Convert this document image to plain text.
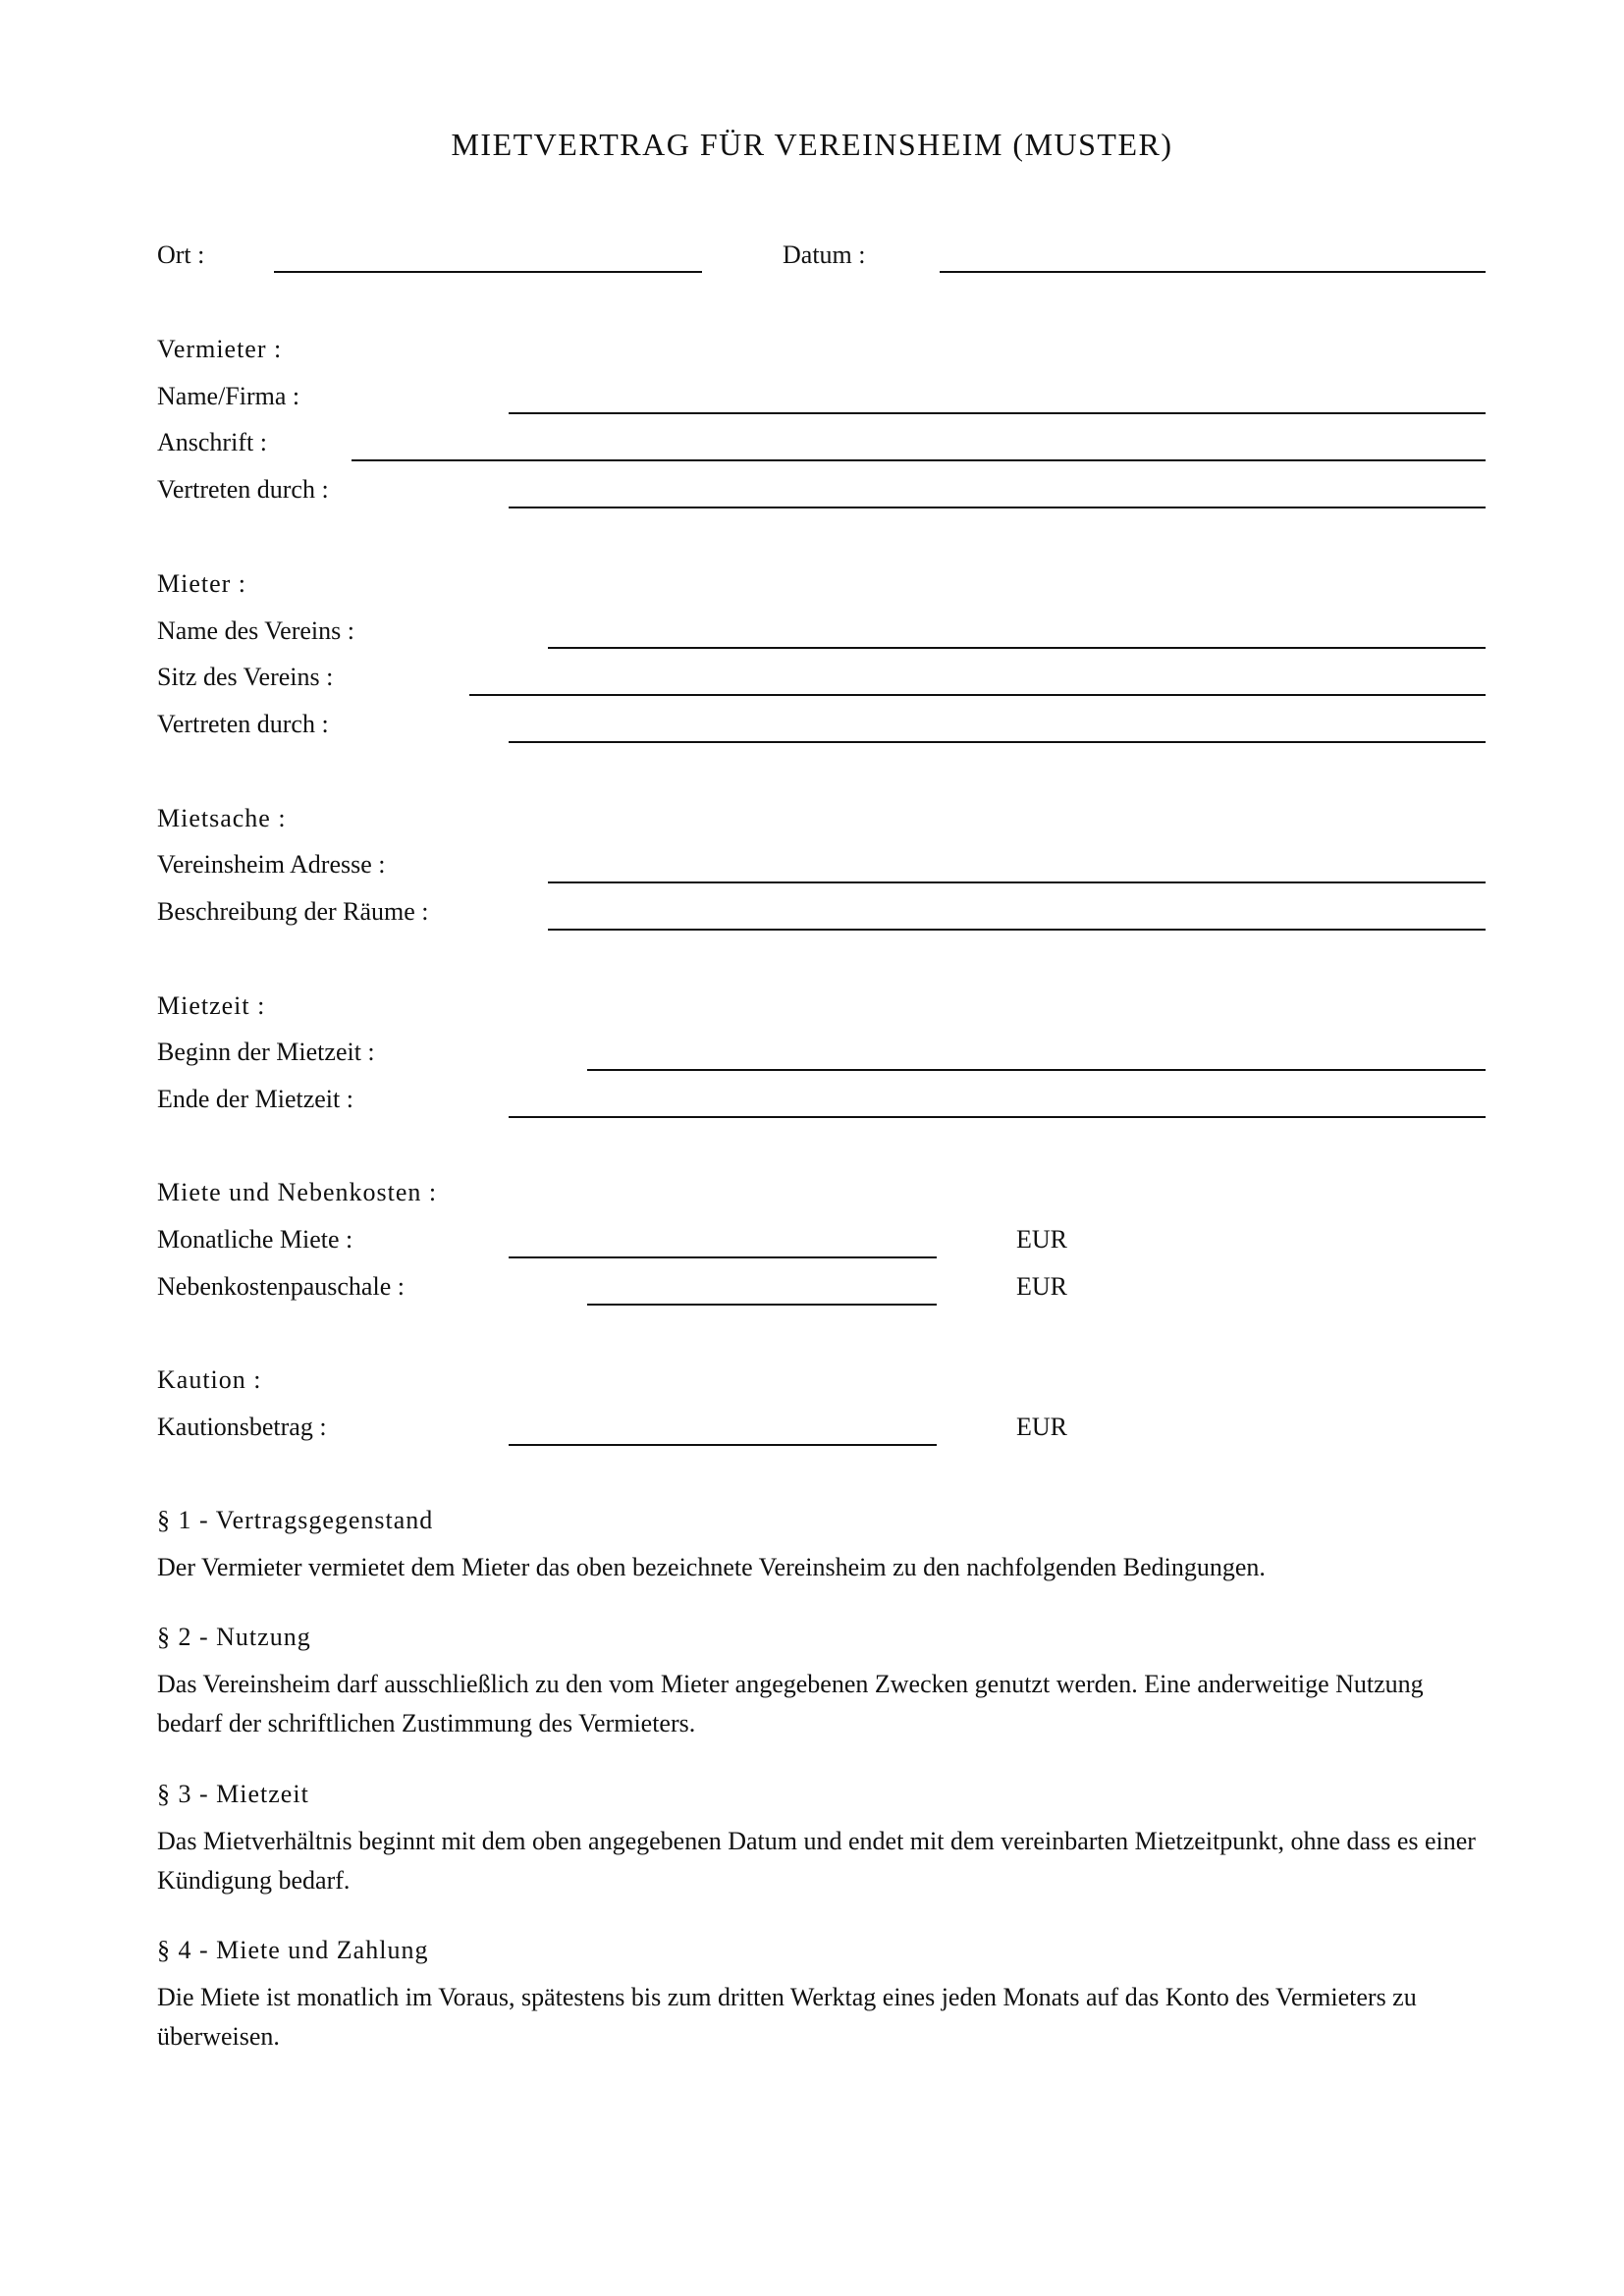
MIETVERTRAG FÜR VEREINSHEIM (MUSTER)

Ort :	Datum :

Vermieter :

Name/Firma :

Anschrift :

Vertreten durch :

Mieter :

Name des Vereins :

Sitz des Vereins :

Vertreten durch :

Mietsache :

Vereinsheim Adresse :

Beschreibung der Räume :

Mietzeit :

Beginn der Mietzeit :

Ende der Mietzeit :

Miete und Nebenkosten :

Monatliche Miete :	EUR

Nebenkostenpauschale :	EUR

Kaution :

Kautionsbetrag :	EUR

§ 1 - Vertragsgegenstand

Der Vermieter vermietet dem Mieter das oben bezeichnete Vereinsheim zu den nachfolgenden Bedingungen.

§ 2 - Nutzung

Das Vereinsheim darf ausschließlich zu den vom Mieter angegebenen Zwecken genutzt werden. Eine anderweitige Nutzung bedarf der schriftlichen Zustimmung des Vermieters.

§ 3 - Mietzeit

Das Mietverhältnis beginnt mit dem oben angegebenen Datum und endet mit dem vereinbarten Mietzeitpunkt, ohne dass es einer Kündigung bedarf.

§ 4 - Miete und Zahlung

Die Miete ist monatlich im Voraus, spätestens bis zum dritten Werktag eines jeden Monats auf das Konto des Vermieters zu überweisen.
